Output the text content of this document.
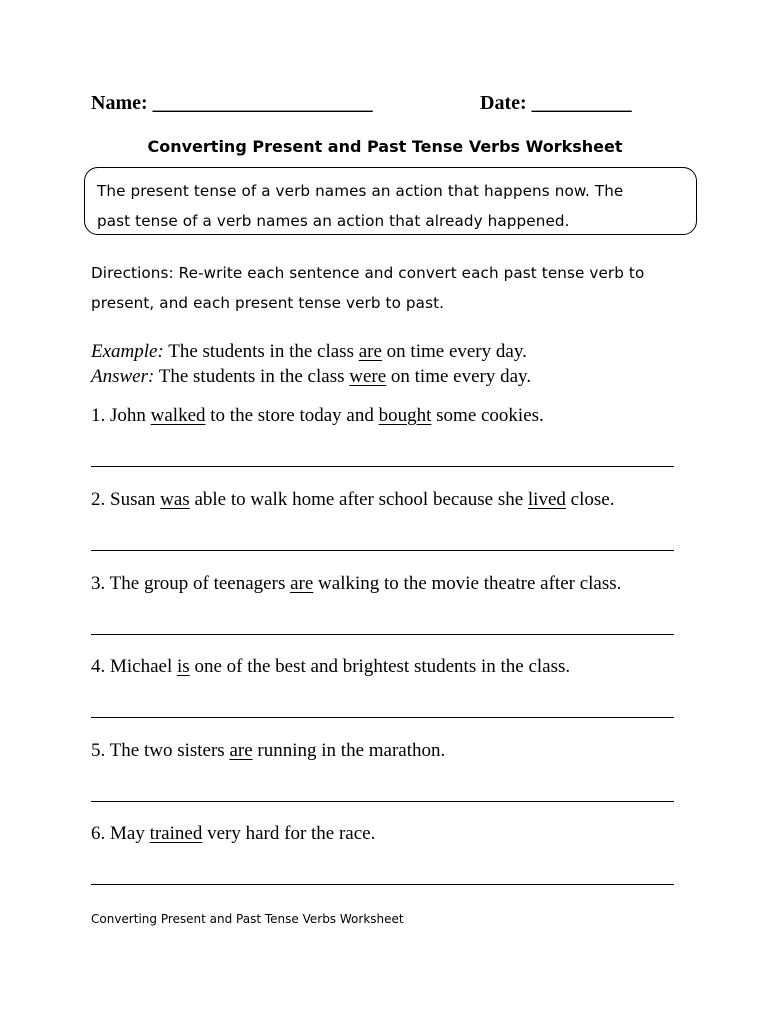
Name: ______________________	Date: __________
Converting Present and Past Tense Verbs Worksheet

The present tense of a verb names an action that happens now. The

past tense of a verb names an action that already happened.

Directions: Re-write each sentence and convert each past tense verb to

present, and each present tense verb to past.

Example: The students in the class are on time every day.
Answer: The students in the class were on time every day.
1. John walked to the store today and bought some cookies.
2. Susan was able to walk home after school because she lived close.
3. The group of teenagers are walking to the movie theatre after class.
4. Michael is one of the best and brightest students in the class.
5. The two sisters are running in the marathon.
6. May trained very hard for the race.
Converting Present and Past Tense Verbs Worksheet
